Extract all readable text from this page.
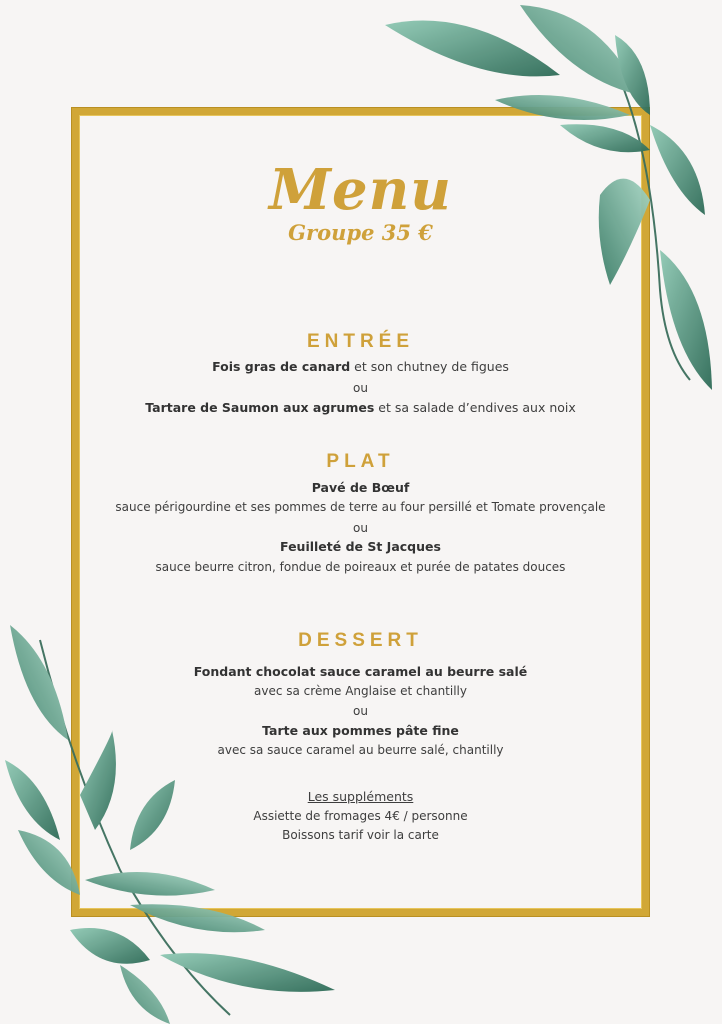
Menu
Groupe 35 €
ENTRÉE
Fois gras de canard et son chutney de figues
ou
Tartare de Saumon aux agrumes et sa salade d’endives aux noix
PLAT
Pavé de Bœuf
sauce périgourdine et ses pommes de terre au four persillé et Tomate provençale
ou
Feuilleté de St Jacques
sauce beurre citron, fondue de poireaux et purée de patates douces
DESSERT
Fondant chocolat sauce caramel au beurre salé
avec sa crème Anglaise et chantilly
ou
Tarte aux pommes pâte fine
avec sa sauce caramel au beurre salé, chantilly
Les suppléments
Assiette de fromages 4€ / personne
Boissons tarif voir la carte
